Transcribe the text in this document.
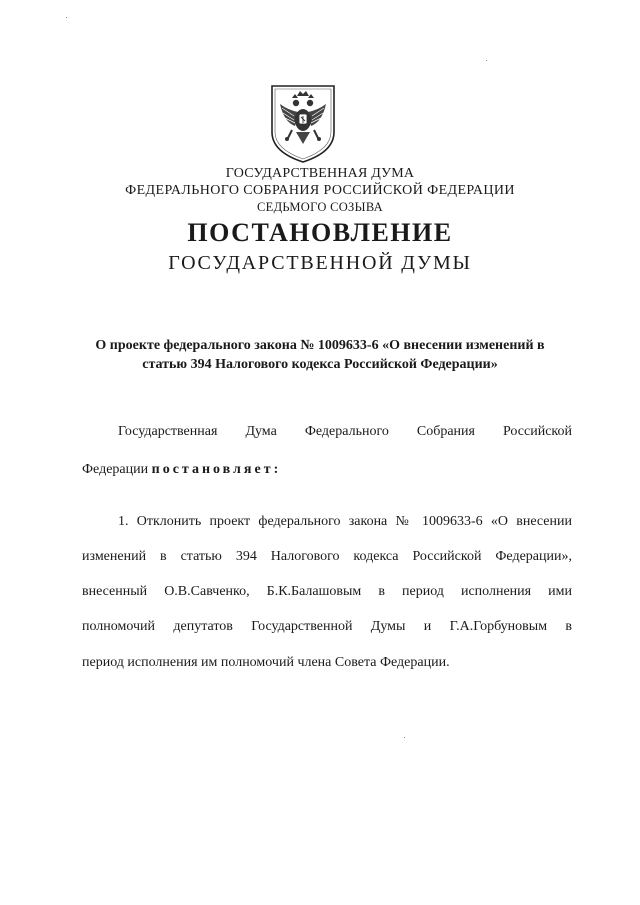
ГОСУДАРСТВЕННАЯ ДУМА
ФЕДЕРАЛЬНОГО СОБРАНИЯ РОССИЙСКОЙ ФЕДЕРАЦИИ
СЕДЬМОГО СОЗЫВА
ПОСТАНОВЛЕНИЕ
ГОСУДАРСТВЕННОЙ ДУМЫ
О проекте федерального закона № 1009633-6 «О внесении изменений в
статью 394 Налогового кодекса Российской Федерации»
Государственная Дума Федерального Собрания Российской
Федерации постановляет:
1. Отклонить проект федерального закона № 1009633-6 «О внесении
изменений в статью 394 Налогового кодекса Российской Федерации»,
внесенный О.В.Савченко, Б.К.Балашовым в период исполнения ими
полномочий депутатов Государственной Думы и Г.А.Горбуновым в
период исполнения им полномочий члена Совета Федерации.
